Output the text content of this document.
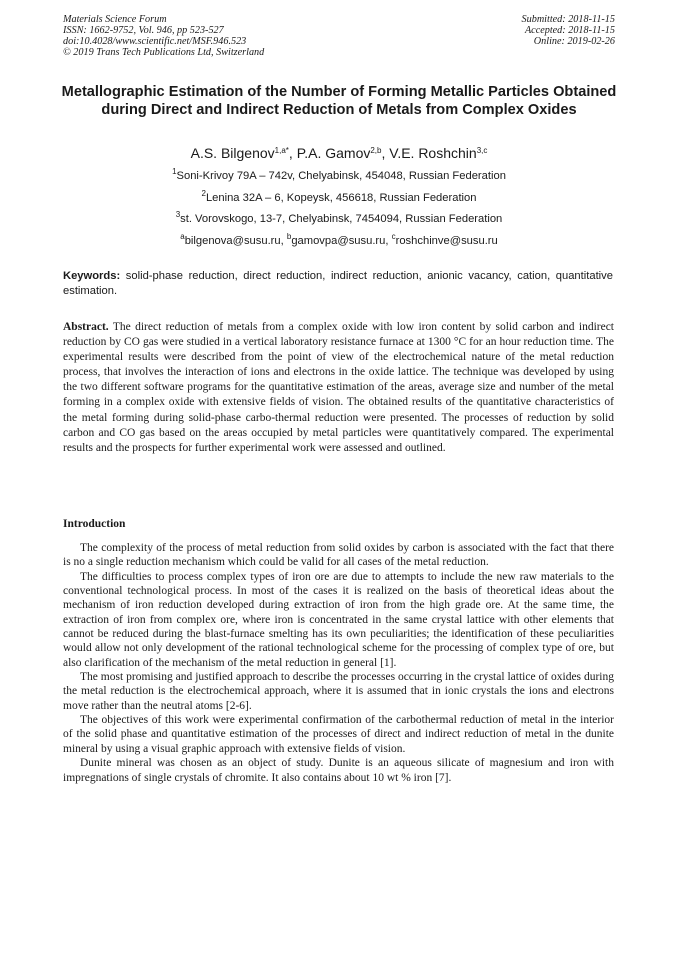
Materials Science Forum
ISSN: 1662-9752, Vol. 946, pp 523-527
doi:10.4028/www.scientific.net/MSF.946.523
© 2019 Trans Tech Publications Ltd, Switzerland
Submitted: 2018-11-15
Accepted: 2018-11-15
Online: 2019-02-26
Metallographic Estimation of the Number of Forming Metallic Particles Obtained during Direct and Indirect Reduction of Metals from Complex Oxides
A.S. Bilgenov$^{1,a*}$, P.A. Gamov$^{2,b}$, V.E. Roshchin$^{3,c}$
$^1$Soni-Krivoy 79A – 742v, Chelyabinsk, 454048, Russian Federation
$^2$Lenina 32A – 6, Kopeysk, 456618, Russian Federation
$^3$st. Vorovskogo, 13-7, Chelyabinsk, 7454094, Russian Federation
$^a$bilgenova@susu.ru, $^b$gamovpa@susu.ru, $^c$roshchinve@susu.ru
Keywords: solid-phase reduction, direct reduction, indirect reduction, anionic vacancy, cation, quantitative estimation.
Abstract. The direct reduction of metals from a complex oxide with low iron content by solid carbon and indirect reduction by CO gas were studied in a vertical laboratory resistance furnace at 1300 °C for an hour reduction time. The experimental results were described from the point of view of the electrochemical nature of the metal reduction process, that involves the interaction of ions and electrons in the oxide lattice. The technique was developed by using the two different software programs for the quantitative estimation of the areas, average size and number of the metal forming in a complex oxide with extensive fields of vision. The obtained results of the quantitative characteristics of the metal forming during solid-phase carbo-thermal reduction were presented. The processes of reduction by solid carbon and CO gas based on the areas occupied by metal particles were quantitatively compared. The experimental results and the prospects for further experimental work were assessed and outlined.
Introduction

The complexity of the process of metal reduction from solid oxides by carbon is associated with the fact that there is no a single reduction mechanism which could be valid for all cases of the metal reduction.

The difficulties to process complex types of iron ore are due to attempts to include the new raw materials to the conventional technological process. In most of the cases it is realized on the basis of theoretical ideas about the mechanism of iron reduction developed during extraction of iron from the high grade ore. At the same time, the extraction of iron from complex ore, where iron is concentrated in the same crystal lattice with other elements that cannot be reduced during the blast-furnace smelting has its own peculiarities; the identification of these peculiarities would allow not only development of the rational technological scheme for the processing of complex type of ore, but also clarification of the mechanism of the metal reduction in general [1].

The most promising and justified approach to describe the processes occurring in the crystal lattice of oxides during the metal reduction is the electrochemical approach, where it is assumed that in ionic crystals the ions and electrons move rather than the neutral atoms [2-6].

The objectives of this work were experimental confirmation of the carbothermal reduction of metal in the interior of the solid phase and quantitative estimation of the processes of direct and indirect reduction of metal in the dunite mineral by using a visual graphic approach with extensive fields of vision.

Dunite mineral was chosen as an object of study. Dunite is an aqueous silicate of magnesium and iron with impregnations of single crystals of chromite. It also contains about 10 wt % iron [7].
